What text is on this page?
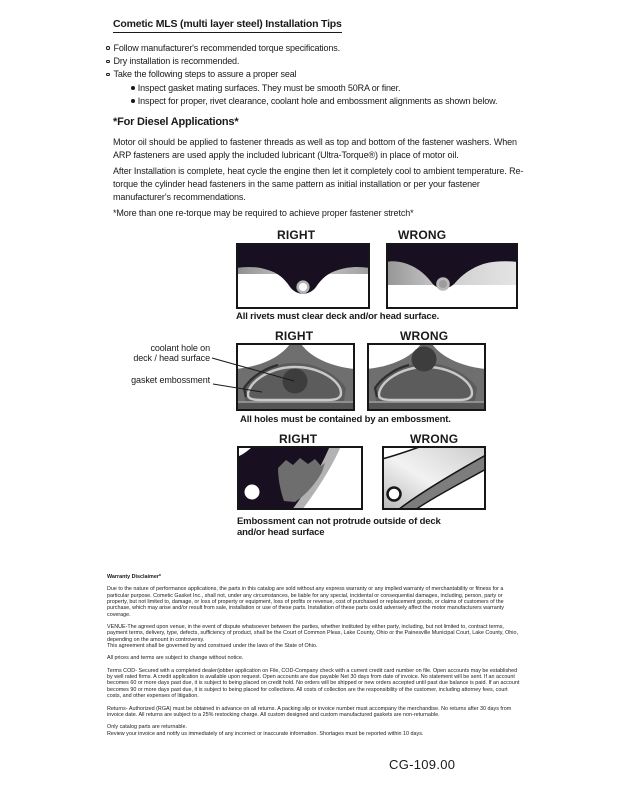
Cometic MLS (multi layer steel) Installation Tips
Follow manufacturer's recommended torque specifications.
Dry installation is recommended.
Take the following steps to assure a proper seal
Inspect gasket mating surfaces. They must be smooth 50RA or finer.
Inspect for proper, rivet clearance, coolant hole and embossment alignments as shown below.
*For Diesel Applications*

Motor oil should be applied to fastener threads as well as top and bottom of the fastener washers. When ARP fasteners are used apply the included lubricant (Ultra-Torque®) in place of motor oil.

After Installation is complete, heat cycle the engine then let it completely cool to ambient temperature. Re-torque the cylinder head fasteners in the same pattern as initial installation or per your fastener manufacturer's recommendations.

*More than one re-torque may be required to achieve proper fastener stretch*

RIGHT	WRONG
All rivets must clear deck and/or head surface.
RIGHT	WRONG
coolant hole on
deck / head surface
gasket embossment
All holes must be contained by an embossment.
RIGHT	WRONG
Embossment can not protrude outside of deck
and/or head surface

Warranty Disclaimer*

Due to the nature of performance applications, the parts in this catalog are sold without any express warranty or any implied warranty of merchantability or fitness for a particular purpose. Cometic Gasket Inc., shall not, under any circumstances, be liable for any special, incidental or consequential damages, including, person, party or property, but not limited to, damage, or loss of property or equipment, loss of profits or revenue, cost of purchased or replacement goods, or claims of customers of the purchase, which may arise and/or result from sale, installation or use of these parts. Installation of these parts could adversely affect the motor manufacturers warranty coverage.

VENUE-The agreed upon venue, in the event of dispute whatsoever between the parties, whether instituted by either party, including, but not limited to, contract terms, payment terms, delivery, type, defects, sufficiency of product, shall be the Court of Common Pleas, Lake County, Ohio or the Painesville Municipal Court, Lake County, Ohio, depending on the amount in controversy.

This agreement shall be governed by and construed under the laws of the State of Ohio.

All prices and terms are subject to change without notice.

Terms COD- Secured with a completed dealer/jobber application on File, COD-Company check with a current credit card number on file. Open accounts may be established by well rated firms. A credit application is available upon request. Open accounts are due payable Net 30 days from date of invoice. No statement will be sent. If an account becomes 60 or more days past due, it is subject to being placed on credit hold. No orders will be shipped or new orders accepted until past due balance is paid. If an account becomes 90 or more days past due, it is subject to being placed for collections. All costs of collection are the responsibility of the customer, including attorney fees, court costs, and other expenses of litigation.

Returns- Authorized (RGA) must be obtained in advance on all returns. A packing slip or invoice number must accompany the merchandise. No returns after 30 days from invoice date. All returns are subject to a 25% restocking charge. All custom designed and custom manufactured gaskets are non-returnable.

Only catalog parts are returnable.

Review your invoice and notify us immediately of any incorrect or inaccurate information. Shortages must be reported within 10 days.

CG-109.00
